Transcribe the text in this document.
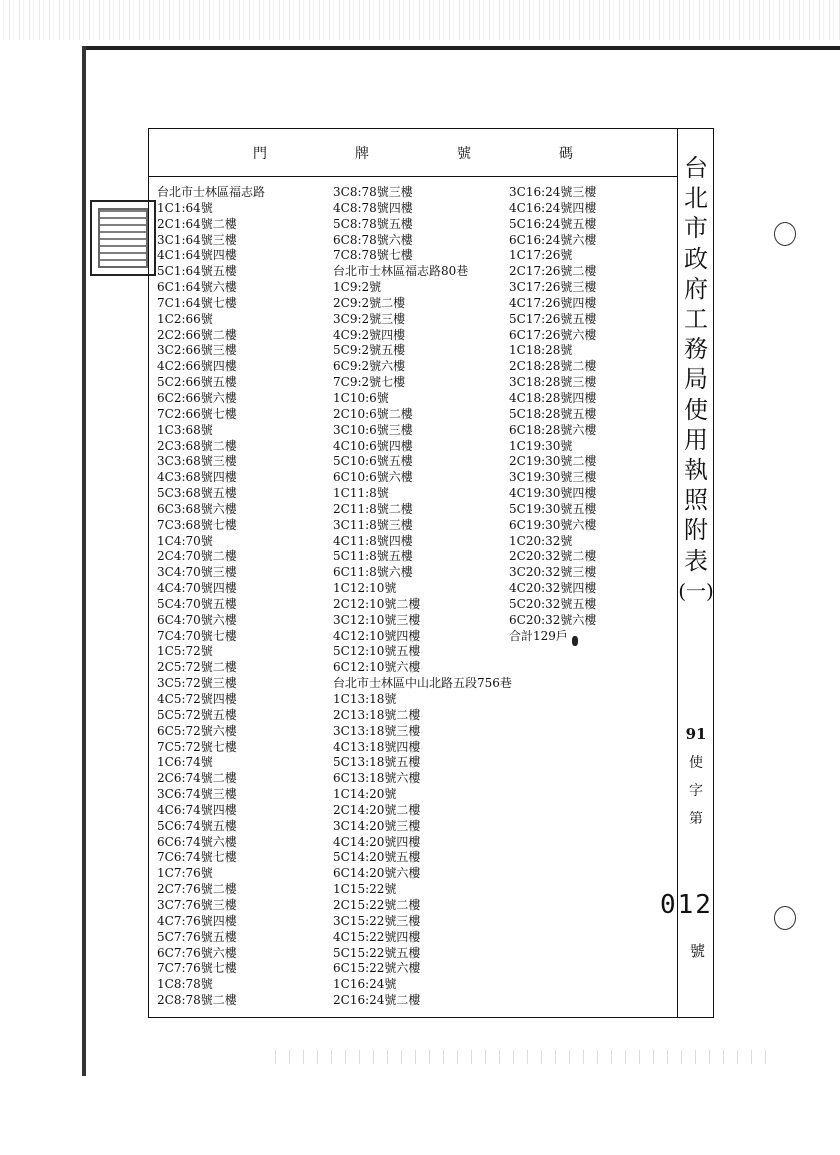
門	牌	號	碼
台北市士林區福志路
1C1:64號
2C1:64號二樓
3C1:64號三樓
4C1:64號四樓
5C1:64號五樓
6C1:64號六樓
7C1:64號七樓
1C2:66號
2C2:66號二樓
3C2:66號三樓
4C2:66號四樓
5C2:66號五樓
6C2:66號六樓
7C2:66號七樓
1C3:68號
2C3:68號二樓
3C3:68號三樓
4C3:68號四樓
5C3:68號五樓
6C3:68號六樓
7C3:68號七樓
1C4:70號
2C4:70號二樓
3C4:70號三樓
4C4:70號四樓
5C4:70號五樓
6C4:70號六樓
7C4:70號七樓
1C5:72號
2C5:72號二樓
3C5:72號三樓
4C5:72號四樓
5C5:72號五樓
6C5:72號六樓
7C5:72號七樓
1C6:74號
2C6:74號二樓
3C6:74號三樓
4C6:74號四樓
5C6:74號五樓
6C6:74號六樓
7C6:74號七樓
1C7:76號
2C7:76號二樓
3C7:76號三樓
4C7:76號四樓
5C7:76號五樓
6C7:76號六樓
7C7:76號七樓
1C8:78號
2C8:78號二樓
3C8:78號三樓
4C8:78號四樓
5C8:78號五樓
6C8:78號六樓
7C8:78號七樓
台北市士林區福志路80巷
1C9:2號
2C9:2號二樓
3C9:2號三樓
4C9:2號四樓
5C9:2號五樓
6C9:2號六樓
7C9:2號七樓
1C10:6號
2C10:6號二樓
3C10:6號三樓
4C10:6號四樓
5C10:6號五樓
6C10:6號六樓
1C11:8號
2C11:8號二樓
3C11:8號三樓
4C11:8號四樓
5C11:8號五樓
6C11:8號六樓
1C12:10號
2C12:10號二樓
3C12:10號三樓
4C12:10號四樓
5C12:10號五樓
6C12:10號六樓
台北市士林區中山北路五段756巷
1C13:18號
2C13:18號二樓
3C13:18號三樓
4C13:18號四樓
5C13:18號五樓
6C13:18號六樓
1C14:20號
2C14:20號二樓
3C14:20號三樓
4C14:20號四樓
5C14:20號五樓
6C14:20號六樓
1C15:22號
2C15:22號二樓
3C15:22號三樓
4C15:22號四樓
5C15:22號五樓
6C15:22號六樓
1C16:24號
2C16:24號二樓
3C16:24號三樓
4C16:24號四樓
5C16:24號五樓
6C16:24號六樓
1C17:26號
2C17:26號二樓
3C17:26號三樓
4C17:26號四樓
5C17:26號五樓
6C17:26號六樓
1C18:28號
2C18:28號二樓
3C18:28號三樓
4C18:28號四樓
5C18:28號五樓
6C18:28號六樓
1C19:30號
2C19:30號二樓
3C19:30號三樓
4C19:30號四樓
5C19:30號五樓
6C19:30號六樓
1C20:32號
2C20:32號二樓
3C20:32號三樓
4C20:32號四樓
5C20:32號五樓
6C20:32號六樓
合計129戶
台
北
市
政
府
工
務
局
使
用
執
照
附
表
(一)
91
使
字
第
012
號
